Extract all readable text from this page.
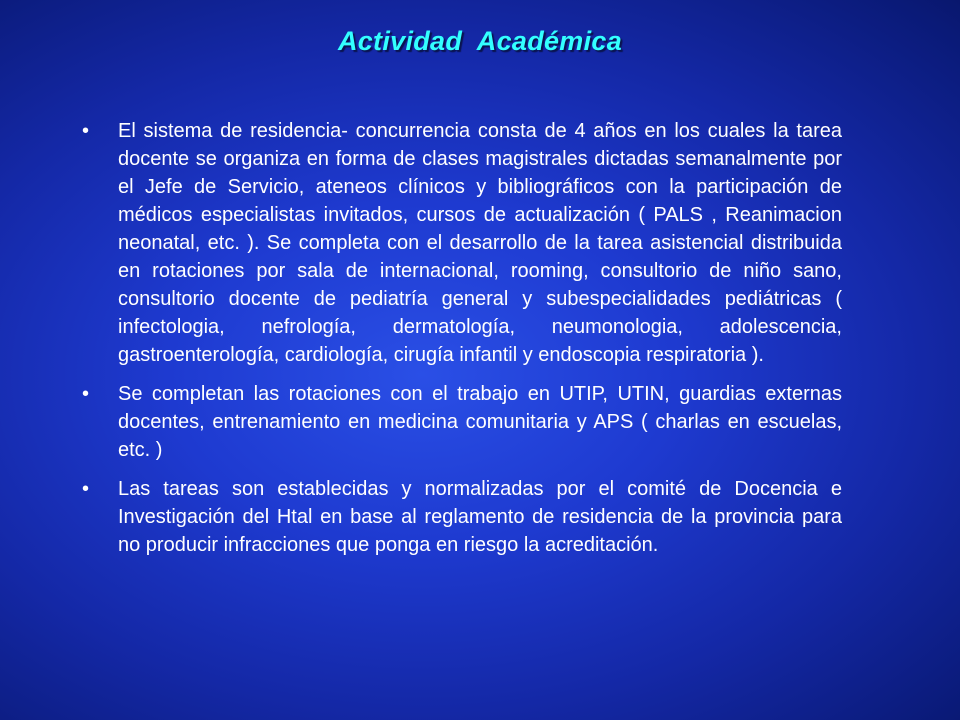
Actividad  Académica
• El sistema de residencia- concurrencia consta de 4 años en los cuales la tarea docente se organiza en forma de clases magistrales dictadas semanalmente por el Jefe de Servicio, ateneos clínicos y bibliográficos con la participación de médicos especialistas invitados, cursos de actualización ( PALS , Reanimacion neonatal, etc. ). Se completa con el desarrollo de la tarea asistencial distribuida en rotaciones por sala de internacional, rooming, consultorio de niño sano, consultorio docente de pediatría general y subespecialidades pediátricas ( infectologia, nefrología, dermatología, neumonologia, adolescencia, gastroenterología, cardiología, cirugía infantil y endoscopia respiratoria ).
• Se completan las rotaciones con el trabajo en UTIP, UTIN, guardias externas docentes, entrenamiento en medicina comunitaria y APS ( charlas en escuelas, etc. )
• Las tareas son establecidas y normalizadas por el comité de Docencia e Investigación del Htal en base al reglamento de residencia de la provincia para no producir infracciones que ponga en riesgo la acreditación.
